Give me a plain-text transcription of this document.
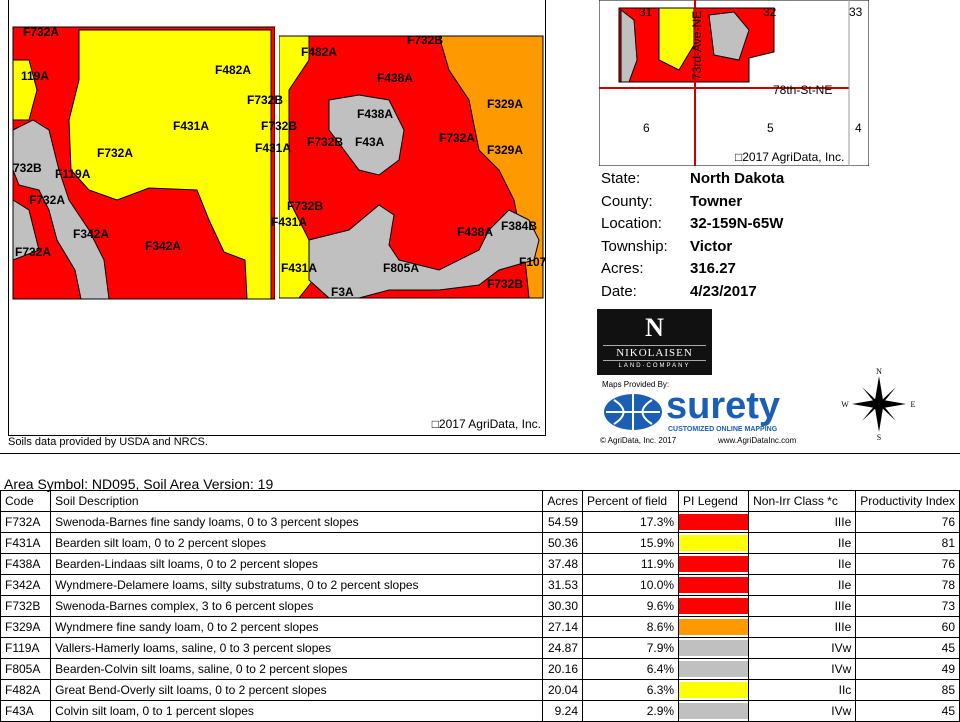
F732A
F482A
F732B
119A
F482A
F438A
F732B
F431A	F732B
F438A
F329A
732B F119A
F732A	F431A F732B F43A	F732A
F329A
F732A	F732B
F431A
F342A
F342A
F438A F384B
F732A
F431A	F805A	F107
F3A
F732B
□2017 AgriData, Inc.
Soils data provided by USDA and NRCS.
31	32	33
6	5	4
73rd-Ave-NE
78th-St-NE
□2017 AgriData, Inc.
State:	North Dakota
County: Towner
Location: 32-159N-65W
Township: Victor
Acres:	316.27
Date:	4/23/2017
N
NIKOLAISEN
LAND·COMPANY
Maps Provided By:
surety
CUSTOMIZED ONLINE MAPPING
© AgriData, Inc. 2017	www.AgriDataInc.com
N
S
E
W
Area Symbol: ND095, Soil Area Version: 19
Code	Soil Description	Acres	Percent of field	PI Legend	Non-Irr Class *c	Productivity Index
F732A	Swenoda-Barnes fine sandy loams, 0 to 3 percent slopes	54.59	17.3%		IIIe	76
F431A	Bearden silt loam, 0 to 2 percent slopes	50.36	15.9%		IIe	81
F438A	Bearden-Lindaas silt loams, 0 to 2 percent slopes	37.48	11.9%		IIe	76
F342A	Wyndmere-Delamere loams, silty substratums, 0 to 2 percent slopes	31.53	10.0%		IIe	78
F732B	Swenoda-Barnes complex, 3 to 6 percent slopes	30.30	9.6%		IIIe	73
F329A	Wyndmere fine sandy loam, 0 to 2 percent slopes	27.14	8.6%		IIIe	60
F119A	Vallers-Hamerly loams, saline, 0 to 3 percent slopes	24.87	7.9%		IVw	45
F805A	Bearden-Colvin silt loams, saline, 0 to 2 percent slopes	20.16	6.4%		IVw	49
F482A	Great Bend-Overly silt loams, 0 to 2 percent slopes	20.04	6.3%		IIc	85
F43A	Colvin silt loam, 0 to 1 percent slopes	9.24	2.9%		IVw	45
